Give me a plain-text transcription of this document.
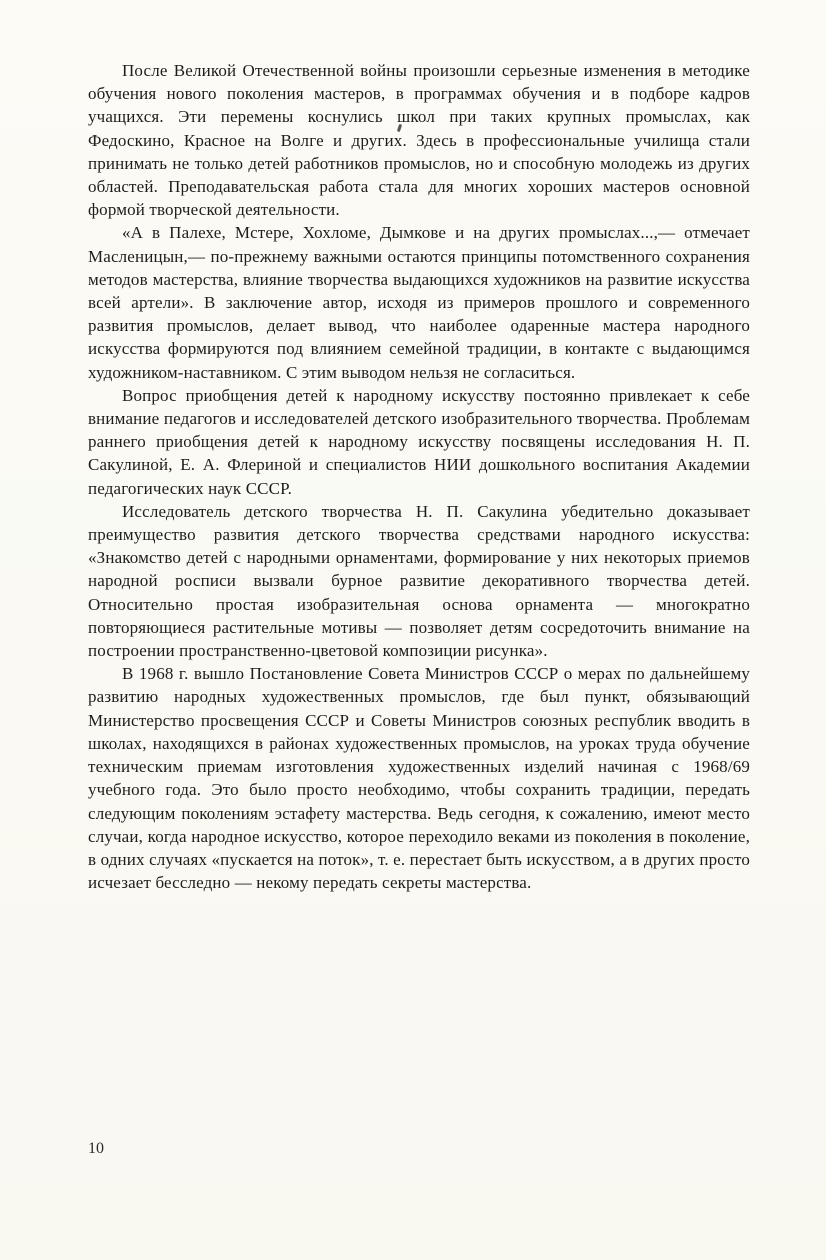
После Великой Отечественной войны произошли серьезные изменения в методике обучения нового поколения мастеров, в программах обучения и в подборе кадров учащихся. Эти перемены коснулись школ при таких крупных промыслах, как Федоскино, Красное на Волге и других. Здесь в профессиональные училища стали принимать не только детей работников промыслов, но и способную молодежь из других областей. Преподавательская работа стала для многих хороших мастеров основной формой творческой деятельности.

«А в Палехе, Мстере, Хохломе, Дымкове и на других промыслах...,— отмечает Масленицын,— по-прежнему важными остаются принципы потомственного сохранения методов мастерства, влияние творчества выдающихся художников на развитие искусства всей артели». В заключение автор, исходя из примеров прошлого и современного развития промыслов, делает вывод, что наиболее одаренные мастера народного искусства формируются под влиянием семейной традиции, в контакте с выдающимся художником-наставником. С этим выводом нельзя не согласиться.

Вопрос приобщения детей к народному искусству постоянно привлекает к себе внимание педагогов и исследователей детского изобразительного творчества. Проблемам раннего приобщения детей к народному искусству посвящены исследования Н. П. Сакулиной, Е. А. Флериной и специалистов НИИ дошкольного воспитания Академии педагогических наук СССР.

Исследователь детского творчества Н. П. Сакулина убедительно доказывает преимущество развития детского творчества средствами народного искусства: «Знакомство детей с народными орнаментами, формирование у них некоторых приемов народной росписи вызвали бурное развитие декоративного творчества детей. Относительно простая изобразительная основа орнамента — многократно повторяющиеся растительные мотивы — позволяет детям сосредоточить внимание на построении пространственно-цветовой композиции рисунка».

В 1968 г. вышло Постановление Совета Министров СССР о мерах по дальнейшему развитию народных художественных промыслов, где был пункт, обязывающий Министерство просвещения СССР и Советы Министров союзных республик вводить в школах, находящихся в районах художественных промыслов, на уроках труда обучение техническим приемам изготовления художественных изделий начиная с 1968/69 учебного года. Это было просто необходимо, чтобы сохранить традиции, передать следующим поколениям эстафету мастерства. Ведь сегодня, к сожалению, имеют место случаи, когда народное искусство, которое переходило веками из поколения в поколение, в одних случаях «пускается на поток», т. е. перестает быть искусством, а в других просто исчезает бесследно — некому передать секреты мастерства.

10
